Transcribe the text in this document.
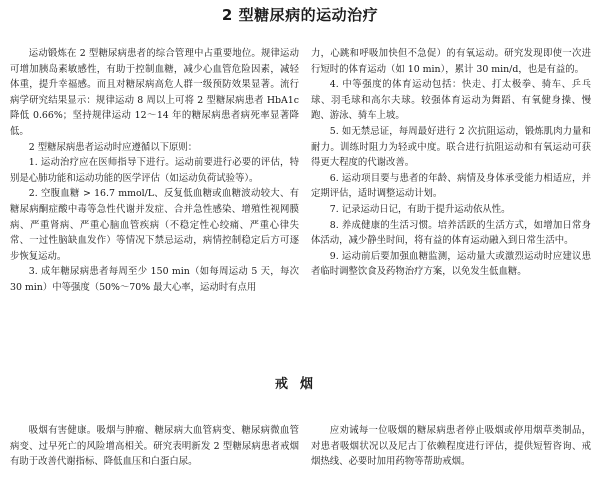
2 型糖尿病的运动治疗

运动锻炼在 2 型糖尿病患者的综合管理中占重要地位。规律运动可增加胰岛素敏感性，有助于控制血糖，减少心血管危险因素，减轻体重，提升幸福感。而且对糖尿病高危人群一级预防效果显著。流行病学研究结果显示：规律运动 8 周以上可将 2 型糖尿病患者 HbA1c 降低 0.66%；坚持规律运动 12～14 年的糖尿病患者病死率显著降低。

2 型糖尿病患者运动时应遵循以下原则：

1. 运动治疗应在医师指导下进行。运动前要进行必要的评估，特别是心肺功能和运动功能的医学评估（如运动负荷试验等）。

2. 空腹血糖 > 16.7 mmol/L、反复低血糖或血糖波动较大、有糖尿病酮症酸中毒等急性代谢并发症、合并急性感染、增殖性视网膜病、严重肾病、严重心脑血管疾病（不稳定性心绞痛、严重心律失常、一过性脑缺血发作）等情况下禁忌运动，病情控制稳定后方可逐步恢复运动。

3. 成年糖尿病患者每周至少 150 min（如每周运动 5 天，每次 30 min）中等强度（50%～70% 最大心率，运动时有点用

力，心跳和呼吸加快但不急促）的有氧运动。研究发现即使一次进行短时的体育运动（如 10 min），累计 30 min/d，也是有益的。

4. 中等强度的体育运动包括：快走、打太极拳、骑车、乒乓球、羽毛球和高尔夫球。较强体育运动为舞蹈、有氧健身操、慢跑、游泳、骑车上坡。

5. 如无禁忌证，每周最好进行 2 次抗阻运动，锻炼肌肉力量和耐力。训练时阻力为轻或中度。联合进行抗阻运动和有氧运动可获得更大程度的代谢改善。

6. 运动项目要与患者的年龄、病情及身体承受能力相适应，并定期评估，适时调整运动计划。

7. 记录运动日记，有助于提升运动依从性。

8. 养成健康的生活习惯。培养活跃的生活方式，如增加日常身体活动，减少静坐时间，将有益的体育运动融入到日常生活中。

9. 运动前后要加强血糖监测，运动量大或激烈运动时应建议患者临时调整饮食及药物治疗方案，以免发生低血糖。

戒烟

吸烟有害健康。吸烟与肿瘤、糖尿病大血管病变、糖尿病微血管病变、过早死亡的风险增高相关。研究表明新发 2 型糖尿病患者戒烟有助于改善代谢指标、降低血压和白蛋白尿。

应劝诫每一位吸烟的糖尿病患者停止吸烟或停用烟草类制品，对患者吸烟状况以及尼古丁依赖程度进行评估，提供短暂咨询、戒烟热线、必要时加用药物等帮助戒烟。
